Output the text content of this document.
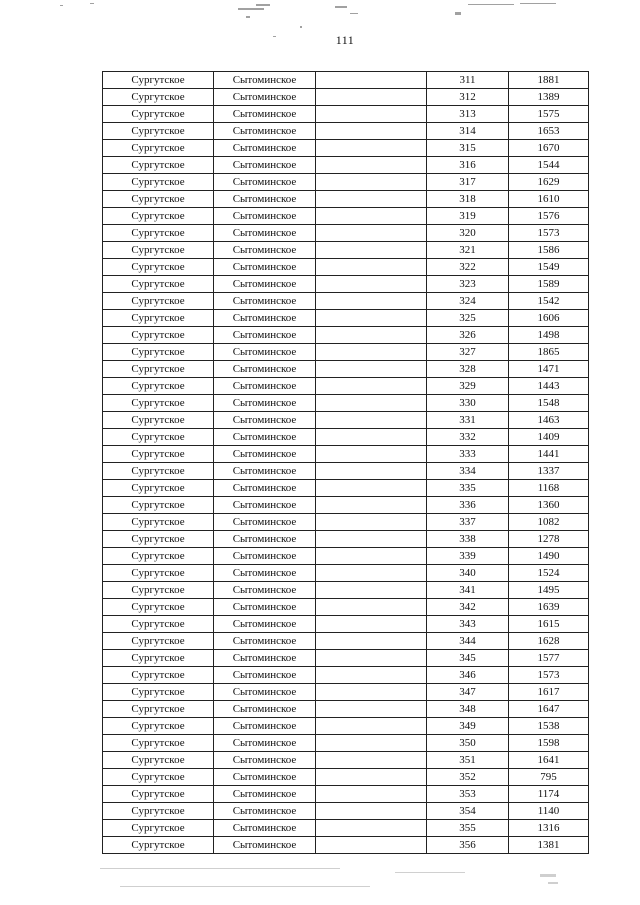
111
Сургутское	Сытоминское		311	1881
Сургутское	Сытоминское		312	1389
Сургутское	Сытоминское		313	1575
Сургутское	Сытоминское		314	1653
Сургутское	Сытоминское		315	1670
Сургутское	Сытоминское		316	1544
Сургутское	Сытоминское		317	1629
Сургутское	Сытоминское		318	1610
Сургутское	Сытоминское		319	1576
Сургутское	Сытоминское		320	1573
Сургутское	Сытоминское		321	1586
Сургутское	Сытоминское		322	1549
Сургутское	Сытоминское		323	1589
Сургутское	Сытоминское		324	1542
Сургутское	Сытоминское		325	1606
Сургутское	Сытоминское		326	1498
Сургутское	Сытоминское		327	1865
Сургутское	Сытоминское		328	1471
Сургутское	Сытоминское		329	1443
Сургутское	Сытоминское		330	1548
Сургутское	Сытоминское		331	1463
Сургутское	Сытоминское		332	1409
Сургутское	Сытоминское		333	1441
Сургутское	Сытоминское		334	1337
Сургутское	Сытоминское		335	1168
Сургутское	Сытоминское		336	1360
Сургутское	Сытоминское		337	1082
Сургутское	Сытоминское		338	1278
Сургутское	Сытоминское		339	1490
Сургутское	Сытоминское		340	1524
Сургутское	Сытоминское		341	1495
Сургутское	Сытоминское		342	1639
Сургутское	Сытоминское		343	1615
Сургутское	Сытоминское		344	1628
Сургутское	Сытоминское		345	1577
Сургутское	Сытоминское		346	1573
Сургутское	Сытоминское		347	1617
Сургутское	Сытоминское		348	1647
Сургутское	Сытоминское		349	1538
Сургутское	Сытоминское		350	1598
Сургутское	Сытоминское		351	1641
Сургутское	Сытоминское		352	795
Сургутское	Сытоминское		353	1174
Сургутское	Сытоминское		354	1140
Сургутское	Сытоминское		355	1316
Сургутское	Сытоминское		356	1381
